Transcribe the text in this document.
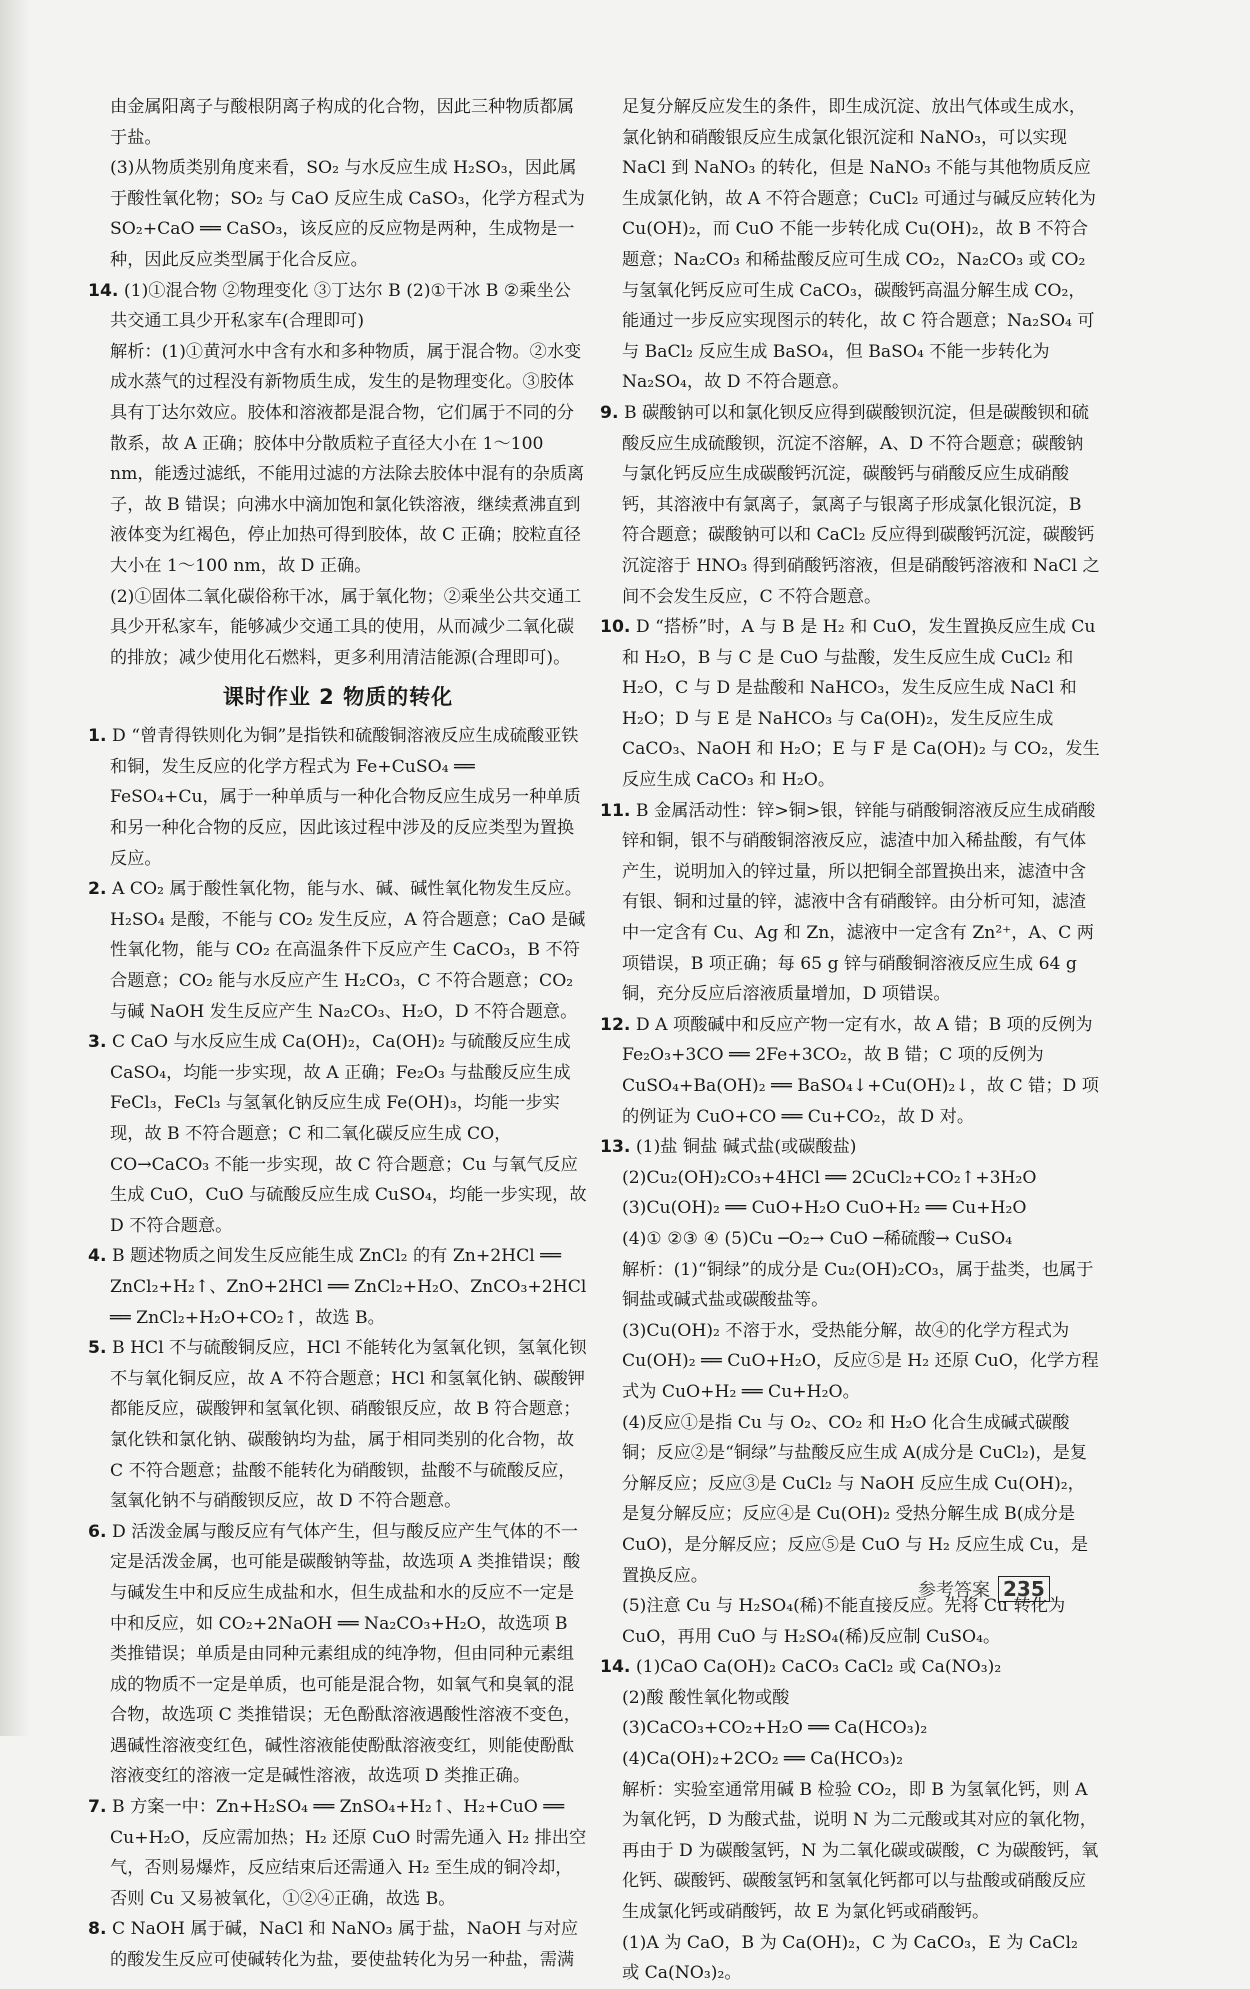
由金属阳离子与酸根阴离子构成的化合物，因此三种物质都属于盐。
(3)从物质类别角度来看，SO₂ 与水反应生成 H₂SO₃，因此属于酸性氧化物；SO₂ 与 CaO 反应生成 CaSO₃，化学方程式为 SO₂+CaO ══ CaSO₃，该反应的反应物是两种，生成物是一种，因此反应类型属于化合反应。
14. (1)①混合物 ②物理变化 ③丁达尔 B (2)①干冰 B ②乘坐公共交通工具少开私家车(合理即可)
解析：(1)①黄河水中含有水和多种物质，属于混合物。②水变成水蒸气的过程没有新物质生成，发生的是物理变化。③胶体具有丁达尔效应。胶体和溶液都是混合物，它们属于不同的分散系，故 A 正确；胶体中分散质粒子直径大小在 1～100 nm，能透过滤纸，不能用过滤的方法除去胶体中混有的杂质离子，故 B 错误；向沸水中滴加饱和氯化铁溶液，继续煮沸直到液体变为红褐色，停止加热可得到胶体，故 C 正确；胶粒直径大小在 1～100 nm，故 D 正确。
(2)①固体二氧化碳俗称干冰，属于氧化物；②乘坐公共交通工具少开私家车，能够减少交通工具的使用，从而减少二氧化碳的排放；减少使用化石燃料，更多利用清洁能源(合理即可)。
课时作业 2 物质的转化
1. D “曾青得铁则化为铜”是指铁和硫酸铜溶液反应生成硫酸亚铁和铜，发生反应的化学方程式为 Fe+CuSO₄ ══ FeSO₄+Cu，属于一种单质与一种化合物反应生成另一种单质和另一种化合物的反应，因此该过程中涉及的反应类型为置换反应。
2. A CO₂ 属于酸性氧化物，能与水、碱、碱性氧化物发生反应。H₂SO₄ 是酸，不能与 CO₂ 发生反应，A 符合题意；CaO 是碱性氧化物，能与 CO₂ 在高温条件下反应产生 CaCO₃，B 不符合题意；CO₂ 能与水反应产生 H₂CO₃，C 不符合题意；CO₂ 与碱 NaOH 发生反应产生 Na₂CO₃、H₂O，D 不符合题意。
3. C CaO 与水反应生成 Ca(OH)₂，Ca(OH)₂ 与硫酸反应生成 CaSO₄，均能一步实现，故 A 正确；Fe₂O₃ 与盐酸反应生成 FeCl₃，FeCl₃ 与氢氧化钠反应生成 Fe(OH)₃，均能一步实现，故 B 不符合题意；C 和二氧化碳反应生成 CO，CO→CaCO₃ 不能一步实现，故 C 符合题意；Cu 与氧气反应生成 CuO，CuO 与硫酸反应生成 CuSO₄，均能一步实现，故 D 不符合题意。
4. B 题述物质之间发生反应能生成 ZnCl₂ 的有 Zn+2HCl ══ ZnCl₂+H₂↑、ZnO+2HCl ══ ZnCl₂+H₂O、ZnCO₃+2HCl ══ ZnCl₂+H₂O+CO₂↑，故选 B。
5. B HCl 不与硫酸铜反应，HCl 不能转化为氢氧化钡，氢氧化钡不与氧化铜反应，故 A 不符合题意；HCl 和氢氧化钠、碳酸钾都能反应，碳酸钾和氢氧化钡、硝酸银反应，故 B 符合题意；氯化铁和氯化钠、碳酸钠均为盐，属于相同类别的化合物，故 C 不符合题意；盐酸不能转化为硝酸钡，盐酸不与硫酸反应，氢氧化钠不与硝酸钡反应，故 D 不符合题意。
6. D 活泼金属与酸反应有气体产生，但与酸反应产生气体的不一定是活泼金属，也可能是碳酸钠等盐，故选项 A 类推错误；酸与碱发生中和反应生成盐和水，但生成盐和水的反应不一定是中和反应，如 CO₂+2NaOH ══ Na₂CO₃+H₂O，故选项 B 类推错误；单质是由同种元素组成的纯净物，但由同种元素组成的物质不一定是单质，也可能是混合物，如氧气和臭氧的混合物，故选项 C 类推错误；无色酚酞溶液遇酸性溶液不变色，遇碱性溶液变红色，碱性溶液能使酚酞溶液变红，则能使酚酞溶液变红的溶液一定是碱性溶液，故选项 D 类推正确。
7. B 方案一中：Zn+H₂SO₄ ══ ZnSO₄+H₂↑、H₂+CuO ══ Cu+H₂O，反应需加热；H₂ 还原 CuO 时需先通入 H₂ 排出空气，否则易爆炸，反应结束后还需通入 H₂ 至生成的铜冷却，否则 Cu 又易被氧化，①②④正确，故选 B。
8. C NaOH 属于碱，NaCl 和 NaNO₃ 属于盐，NaOH 与对应的酸发生反应可使碱转化为盐，要使盐转化为另一种盐，需满
足复分解反应发生的条件，即生成沉淀、放出气体或生成水，氯化钠和硝酸银反应生成氯化银沉淀和 NaNO₃，可以实现 NaCl 到 NaNO₃ 的转化，但是 NaNO₃ 不能与其他物质反应生成氯化钠，故 A 不符合题意；CuCl₂ 可通过与碱反应转化为 Cu(OH)₂，而 CuO 不能一步转化成 Cu(OH)₂，故 B 不符合题意；Na₂CO₃ 和稀盐酸反应可生成 CO₂，Na₂CO₃ 或 CO₂ 与氢氧化钙反应可生成 CaCO₃，碳酸钙高温分解生成 CO₂，能通过一步反应实现图示的转化，故 C 符合题意；Na₂SO₄ 可与 BaCl₂ 反应生成 BaSO₄，但 BaSO₄ 不能一步转化为 Na₂SO₄，故 D 不符合题意。
9. B 碳酸钠可以和氯化钡反应得到碳酸钡沉淀，但是碳酸钡和硫酸反应生成硫酸钡，沉淀不溶解，A、D 不符合题意；碳酸钠与氯化钙反应生成碳酸钙沉淀，碳酸钙与硝酸反应生成硝酸钙，其溶液中有氯离子，氯离子与银离子形成氯化银沉淀，B 符合题意；碳酸钠可以和 CaCl₂ 反应得到碳酸钙沉淀，碳酸钙沉淀溶于 HNO₃ 得到硝酸钙溶液，但是硝酸钙溶液和 NaCl 之间不会发生反应，C 不符合题意。
10. D “搭桥”时，A 与 B 是 H₂ 和 CuO，发生置换反应生成 Cu 和 H₂O，B 与 C 是 CuO 与盐酸，发生反应生成 CuCl₂ 和 H₂O，C 与 D 是盐酸和 NaHCO₃，发生反应生成 NaCl 和 H₂O；D 与 E 是 NaHCO₃ 与 Ca(OH)₂，发生反应生成 CaCO₃、NaOH 和 H₂O；E 与 F 是 Ca(OH)₂ 与 CO₂，发生反应生成 CaCO₃ 和 H₂O。
11. B 金属活动性：锌>铜>银，锌能与硝酸铜溶液反应生成硝酸锌和铜，银不与硝酸铜溶液反应，滤渣中加入稀盐酸，有气体产生，说明加入的锌过量，所以把铜全部置换出来，滤渣中含有银、铜和过量的锌，滤液中含有硝酸锌。由分析可知，滤渣中一定含有 Cu、Ag 和 Zn，滤液中一定含有 Zn²⁺，A、C 两项错误，B 项正确；每 65 g 锌与硝酸铜溶液反应生成 64 g 铜，充分反应后溶液质量增加，D 项错误。
12. D A 项酸碱中和反应产物一定有水，故 A 错；B 项的反例为 Fe₂O₃+3CO ══ 2Fe+3CO₂，故 B 错；C 项的反例为 CuSO₄+Ba(OH)₂ ══ BaSO₄↓+Cu(OH)₂↓，故 C 错；D 项的例证为 CuO+CO ══ Cu+CO₂，故 D 对。
13. (1)盐 铜盐 碱式盐(或碳酸盐)
(2)Cu₂(OH)₂CO₃+4HCl ══ 2CuCl₂+CO₂↑+3H₂O
(3)Cu(OH)₂ ══ CuO+H₂O CuO+H₂ ══ Cu+H₂O
(4)① ②③ ④ (5)Cu ─O₂→ CuO ─稀硫酸→ CuSO₄
解析：(1)“铜绿”的成分是 Cu₂(OH)₂CO₃，属于盐类，也属于铜盐或碱式盐或碳酸盐等。
(3)Cu(OH)₂ 不溶于水，受热能分解，故④的化学方程式为 Cu(OH)₂ ══ CuO+H₂O，反应⑤是 H₂ 还原 CuO，化学方程式为 CuO+H₂ ══ Cu+H₂O。
(4)反应①是指 Cu 与 O₂、CO₂ 和 H₂O 化合生成碱式碳酸铜；反应②是“铜绿”与盐酸反应生成 A(成分是 CuCl₂)，是复分解反应；反应③是 CuCl₂ 与 NaOH 反应生成 Cu(OH)₂，是复分解反应；反应④是 Cu(OH)₂ 受热分解生成 B(成分是 CuO)，是分解反应；反应⑤是 CuO 与 H₂ 反应生成 Cu，是置换反应。
(5)注意 Cu 与 H₂SO₄(稀)不能直接反应。先将 Cu 转化为 CuO，再用 CuO 与 H₂SO₄(稀)反应制 CuSO₄。
14. (1)CaO Ca(OH)₂ CaCO₃ CaCl₂ 或 Ca(NO₃)₂
(2)酸 酸性氧化物或酸
(3)CaCO₃+CO₂+H₂O ══ Ca(HCO₃)₂
(4)Ca(OH)₂+2CO₂ ══ Ca(HCO₃)₂
解析：实验室通常用碱 B 检验 CO₂，即 B 为氢氧化钙，则 A 为氧化钙，D 为酸式盐，说明 N 为二元酸或其对应的氧化物，再由于 D 为碳酸氢钙，N 为二氧化碳或碳酸，C 为碳酸钙，氧化钙、碳酸钙、碳酸氢钙和氢氧化钙都可以与盐酸或硝酸反应生成氯化钙或硝酸钙，故 E 为氯化钙或硝酸钙。
(1)A 为 CaO，B 为 Ca(OH)₂，C 为 CaCO₃，E 为 CaCl₂ 或 Ca(NO₃)₂。
参考答案 235
